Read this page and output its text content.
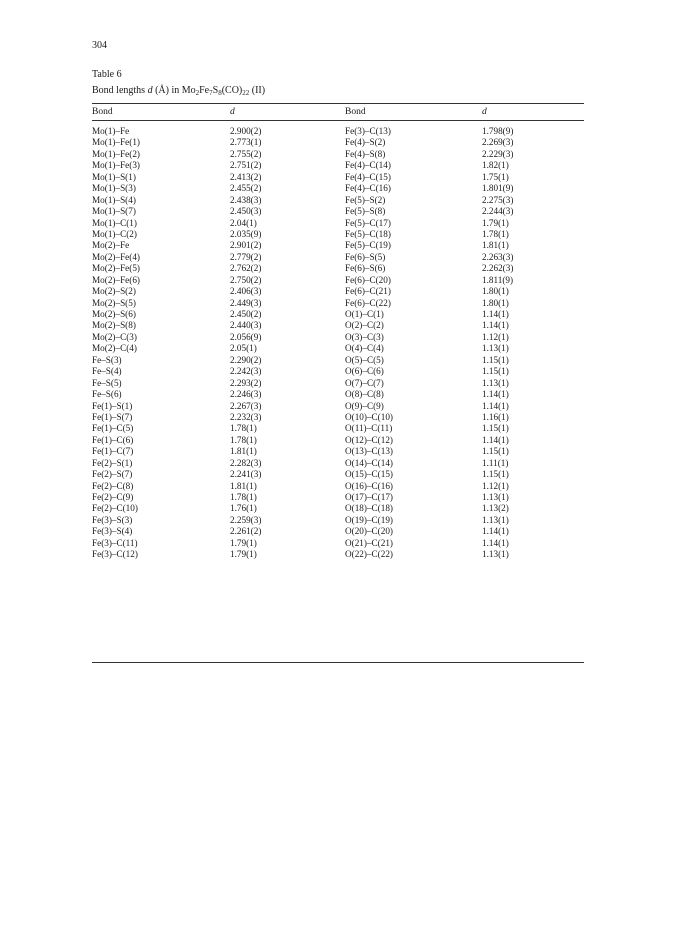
304
Table 6
Bond lengths d (Å) in $Mo_2Fe_7S_8(CO)_{22}$ (II)
Bond	d	Bond	d
Mo(1)–Fe	2.900(2)	Fe(3)–C(13)	1.798(9)
Mo(1)–Fe(1)	2.773(1)	Fe(4)–S(2)	2.269(3)
Mo(1)–Fe(2)	2.755(2)	Fe(4)–S(8)	2.229(3)
Mo(1)–Fe(3)	2.751(2)	Fe(4)–C(14)	1.82(1)
Mo(1)–S(1)	2.413(2)	Fe(4)–C(15)	1.75(1)
Mo(1)–S(3)	2.455(2)	Fe(4)–C(16)	1.801(9)
Mo(1)–S(4)	2.438(3)	Fe(5)–S(2)	2.275(3)
Mo(1)–S(7)	2.450(3)	Fe(5)–S(8)	2.244(3)
Mo(1)–C(1)	2.04(1)	Fe(5)–C(17)	1.79(1)
Mo(1)–C(2)	2.035(9)	Fe(5)–C(18)	1.78(1)
Mo(2)–Fe	2.901(2)	Fe(5)–C(19)	1.81(1)
Mo(2)–Fe(4)	2.779(2)	Fe(6)–S(5)	2.263(3)
Mo(2)–Fe(5)	2.762(2)	Fe(6)–S(6)	2.262(3)
Mo(2)–Fe(6)	2.750(2)	Fe(6)–C(20)	1.811(9)
Mo(2)–S(2)	2.406(3)	Fe(6)–C(21)	1.80(1)
Mo(2)–S(5)	2.449(3)	Fe(6)–C(22)	1.80(1)
Mo(2)–S(6)	2.450(2)	O(1)–C(1)	1.14(1)
Mo(2)–S(8)	2.440(3)	O(2)–C(2)	1.14(1)
Mo(2)–C(3)	2.056(9)	O(3)–C(3)	1.12(1)
Mo(2)–C(4)	2.05(1)	O(4)–C(4)	1.13(1)
Fe–S(3)	2.290(2)	O(5)–C(5)	1.15(1)
Fe–S(4)	2.242(3)	O(6)–C(6)	1.15(1)
Fe–S(5)	2.293(2)	O(7)–C(7)	1.13(1)
Fe–S(6)	2.246(3)	O(8)–C(8)	1.14(1)
Fe(1)–S(1)	2.267(3)	O(9)–C(9)	1.14(1)
Fe(1)–S(7)	2.232(3)	O(10)–C(10)	1.16(1)
Fe(1)–C(5)	1.78(1)	O(11)–C(11)	1.15(1)
Fe(1)–C(6)	1.78(1)	O(12)–C(12)	1.14(1)
Fe(1)–C(7)	1.81(1)	O(13)–C(13)	1.15(1)
Fe(2)–S(1)	2.282(3)	O(14)–C(14)	1.11(1)
Fe(2)–S(7)	2.241(3)	O(15)–C(15)	1.15(1)
Fe(2)–C(8)	1.81(1)	O(16)–C(16)	1.12(1)
Fe(2)–C(9)	1.78(1)	O(17)–C(17)	1.13(1)
Fe(2)–C(10)	1.76(1)	O(18)–C(18)	1.13(2)
Fe(3)–S(3)	2.259(3)	O(19)–C(19)	1.13(1)
Fe(3)–S(4)	2.261(2)	O(20)–C(20)	1.14(1)
Fe(3)–C(11)	1.79(1)	O(21)–C(21)	1.14(1)
Fe(3)–C(12)	1.79(1)	O(22)–C(22)	1.13(1)
